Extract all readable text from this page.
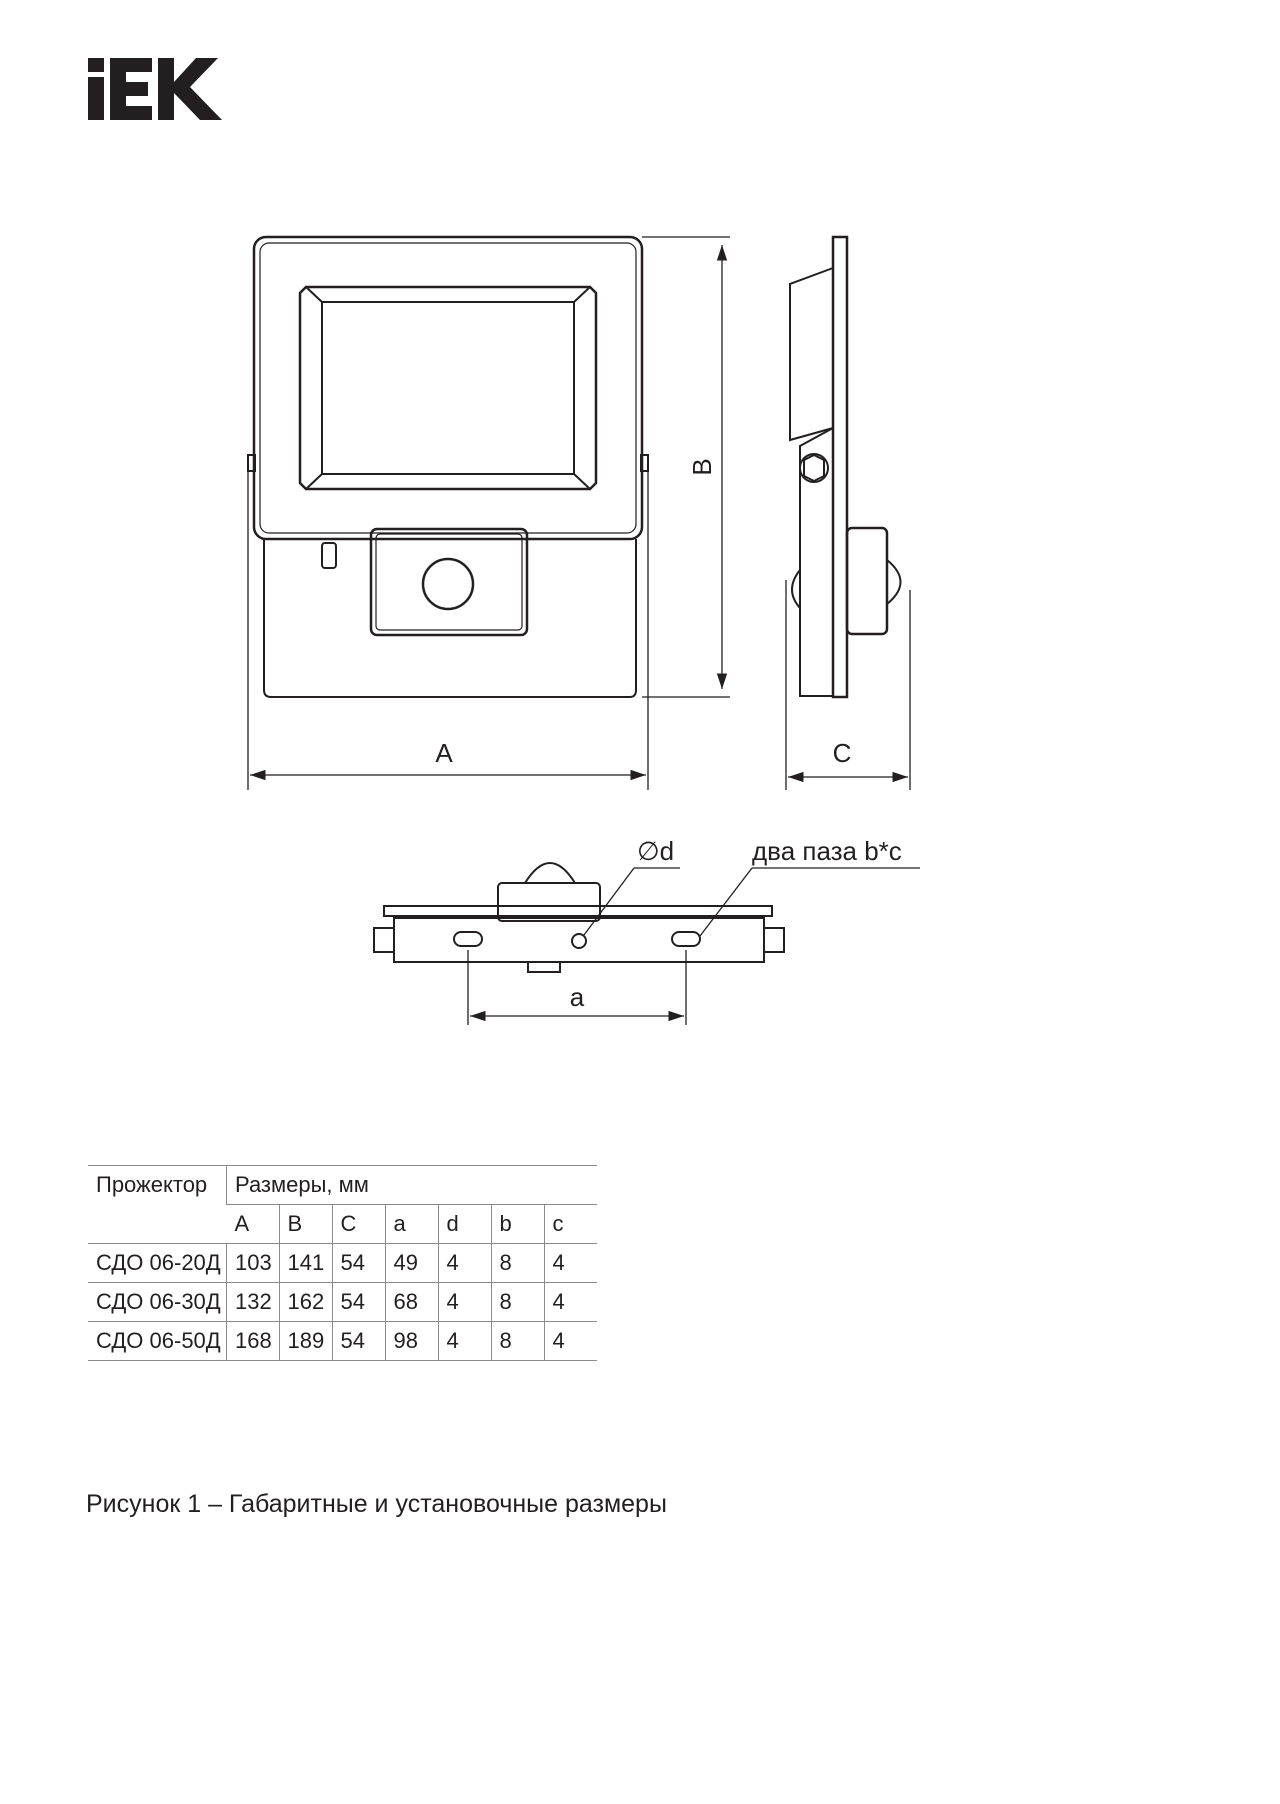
A
B
C
a
∅d	два паза b*c
Прожектор	Размеры, мм						
	A	B	C	a	d	b	c
СДО 06-20Д	103	141	54	49	4	8	4
СДО 06-30Д	132	162	54	68	4	8	4
СДО 06-50Д	168	189	54	98	4	8	4
Рисунок 1 – Габаритные и установочные размеры
